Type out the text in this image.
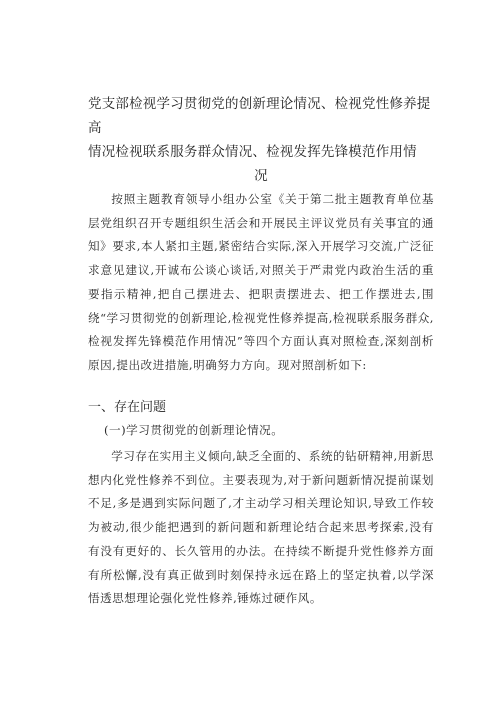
党支部检视学习贯彻党的创新理论情况、检视党性修养提高
情况检视联系服务群众情况、检视发挥先锋模范作用情
况
按照主题教育领导小组办公室《关于第二批主题教育单位基层党组织召开专题组织生活会和开展民主评议党员有关事宜的通知》要求,本人紧扣主题,紧密结合实际,深入开展学习交流,广泛征求意见建议,开诚布公谈心谈话,对照关于严肃党内政治生活的重要指示精神,把自己摆进去、把职责摆进去、把工作摆进去,围绕“学习贯彻党的创新理论,检视党性修养提高,检视联系服务群众,检视发挥先锋模范作用情况”等四个方面认真对照检查,深刻剖析原因,提出改进措施,明确努力方向。现对照剖析如下:
一、存在问题
(一)学习贯彻党的创新理论情况。
学习存在实用主义倾向,缺乏全面的、系统的钻研精神,用新思想内化党性修养不到位。主要表现为,对于新问题新情况提前谋划不足,多是遇到实际问题了,才主动学习相关理论知识,导致工作较为被动,很少能把遇到的新问题和新理论结合起来思考探索,没有有没有更好的、长久管用的办法。在持续不断提升党性修养方面有所松懈,没有真正做到时刻保持永远在路上的坚定执着,以学深悟透思想理论强化党性修养,锤炼过硬作风。
